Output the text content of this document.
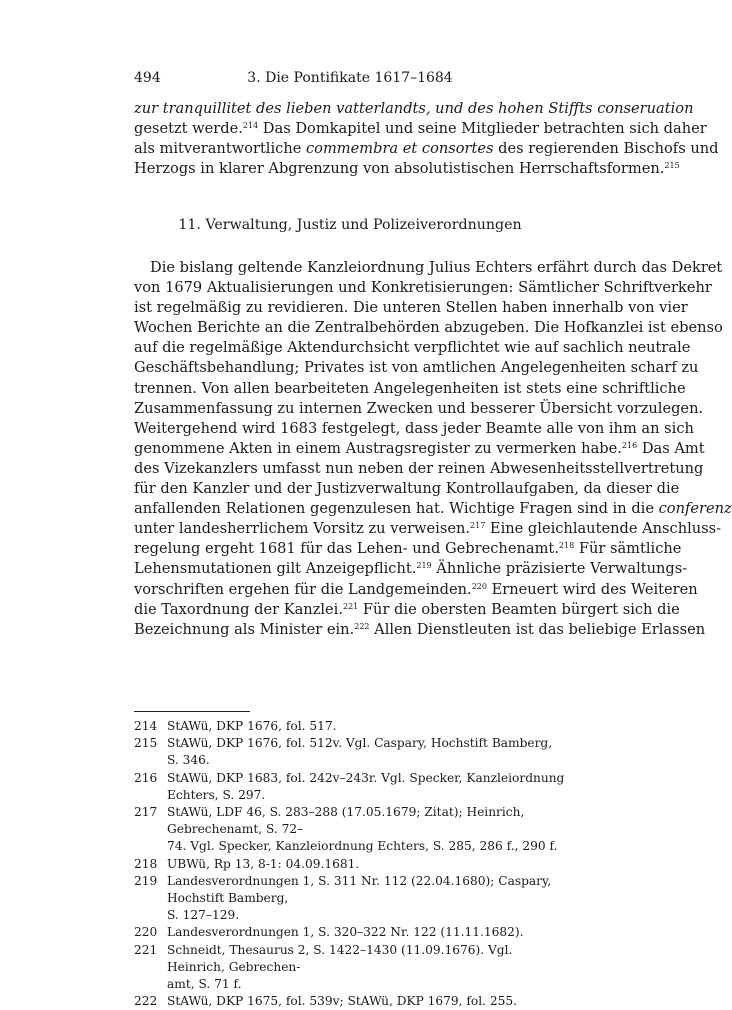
494	3. Die Pontifikate 1617–1684
zur tranquillitet des lieben vatterlandts, und des hohen Stiffts conseruation
gesetzt werde.$^{214}$ Das Domkapitel und seine Mitglieder betrachten sich daher
als mitverantwortliche commembra et consortes des regierenden Bischofs und
Herzogs in klarer Abgrenzung von absolutistischen Herrschaftsformen.$^{215}$
11. Verwaltung, Justiz und Polizeiverordnungen
Die bislang geltende Kanzleiordnung Julius Echters erfährt durch das Dekret
von 1679 Aktualisierungen und Konkretisierungen: Sämtlicher Schriftverkehr
ist regelmäßig zu revidieren. Die unteren Stellen haben innerhalb von vier
Wochen Berichte an die Zentralbehörden abzugeben. Die Hofkanzlei ist ebenso
auf die regelmäßige Aktendurchsicht verpflichtet wie auf sachlich neutrale
Geschäftsbehandlung; Privates ist von amtlichen Angelegenheiten scharf zu
trennen. Von allen bearbeiteten Angelegenheiten ist stets eine schriftliche
Zusammenfassung zu internen Zwecken und besserer Übersicht vorzulegen.
Weitergehend wird 1683 festgelegt, dass jeder Beamte alle von ihm an sich
genommene Akten in einem Austragsregister zu vermerken habe.$^{216}$ Das Amt
des Vizekanzlers umfasst nun neben der reinen Abwesenheitsstellvertretung
für den Kanzler und der Justizverwaltung Kontrollaufgaben, da dieser die
anfallenden Relationen gegenzulesen hat. Wichtige Fragen sind in die conferenz
unter landesherrlichem Vorsitz zu verweisen.$^{217}$ Eine gleichlautende Anschluss-
regelung ergeht 1681 für das Lehen- und Gebrechenamt.$^{218}$ Für sämtliche
Lehensmutationen gilt Anzeigepflicht.$^{219}$ Ähnliche präzisierte Verwaltungs-
vorschriften ergehen für die Landgemeinden.$^{220}$ Erneuert wird des Weiteren
die Taxordnung der Kanzlei.$^{221}$ Für die obersten Beamten bürgert sich die
Bezeichnung als Minister ein.$^{222}$ Allen Dienstleuten ist das beliebige Erlassen
214 StAWü, DKP 1676, fol. 517.
215 StAWü, DKP 1676, fol. 512v. Vgl. Caspary, Hochstift Bamberg, S. 346.
216 StAWü, DKP 1683, fol. 242v–243r. Vgl. Specker, Kanzleiordnung Echters, S. 297.
217 StAWü, LDF 46, S. 283–288 (17.05.1679; Zitat); Heinrich, Gebrechenamt, S. 72–
74. Vgl. Specker, Kanzleiordnung Echters, S. 285, 286 f., 290 f.
218 UBWü, Rp 13, 8-1: 04.09.1681.
219 Landesverordnungen 1, S. 311 Nr. 112 (22.04.1680); Caspary, Hochstift Bamberg,
S. 127–129.
220 Landesverordnungen 1, S. 320–322 Nr. 122 (11.11.1682).
221 Schneidt, Thesaurus 2, S. 1422–1430 (11.09.1676). Vgl. Heinrich, Gebrechen-
amt, S. 71 f.
222 StAWü, DKP 1675, fol. 539v; StAWü, DKP 1679, fol. 255.
